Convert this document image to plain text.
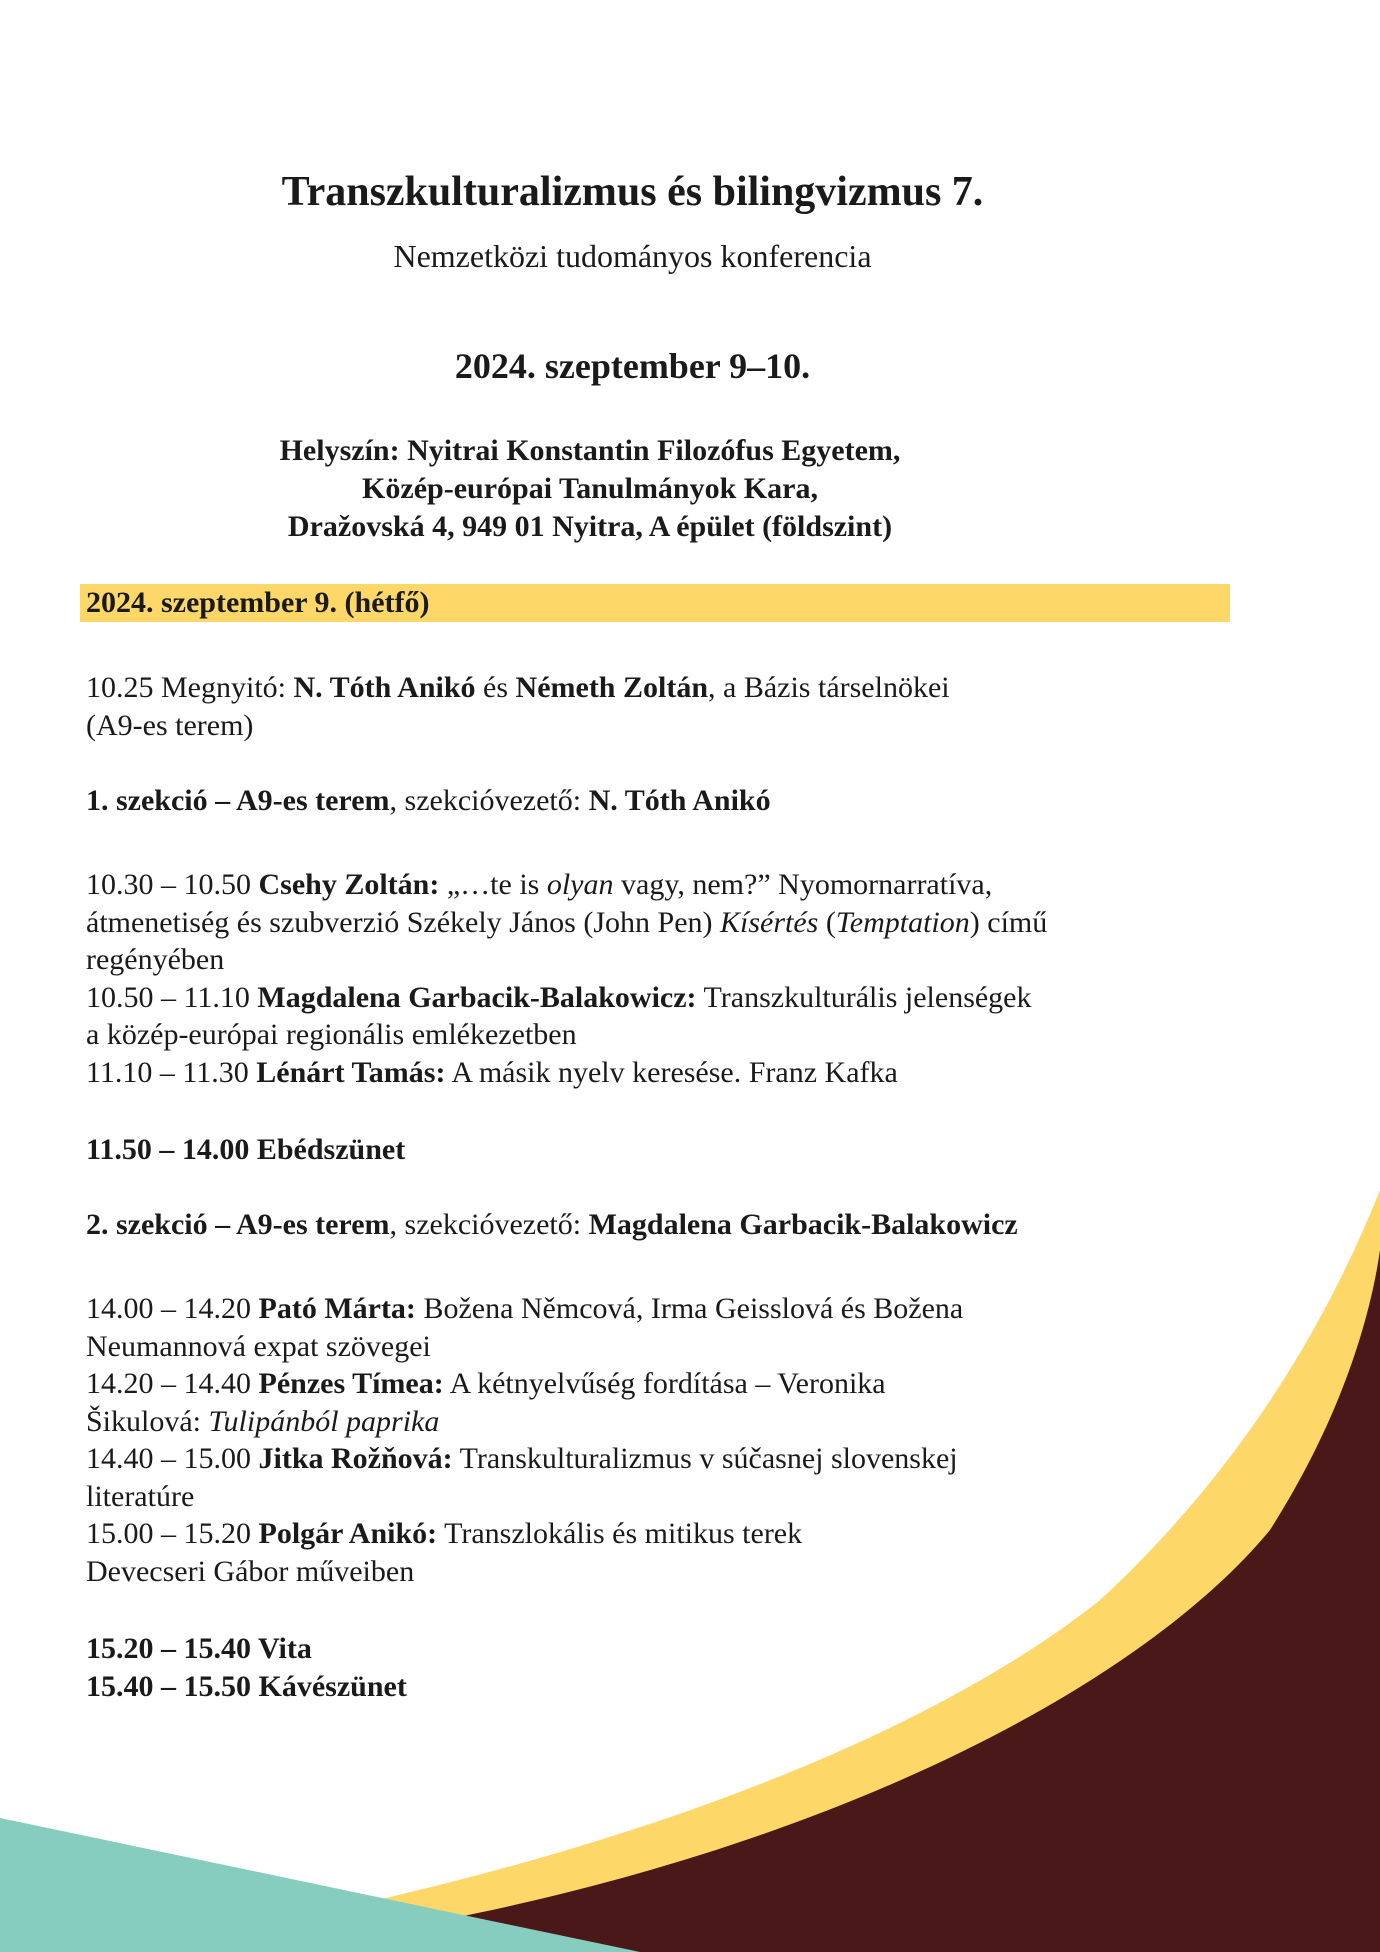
Transzkulturalizmus és bilingvizmus 7.
Nemzetközi tudományos konferencia
2024. szeptember 9–10.
Helyszín: Nyitrai Konstantin Filozófus Egyetem,
Közép-európai Tanulmányok Kara,
Dražovská 4, 949 01 Nyitra, A épület (földszint)
2024. szeptember 9. (hétfő)
10.25 Megnyitó: N. Tóth Anikó és Németh Zoltán, a Bázis társelnökei
(A9-es terem)
1. szekció – A9-es terem, szekcióvezető: N. Tóth Anikó
10.30 – 10.50 Csehy Zoltán: „…te is olyan vagy, nem?” Nyomornarratíva,
átmenetiség és szubverzió Székely János (John Pen) Kísértés (Temptation) című
regényében
10.50 – 11.10 Magdalena Garbacik-Balakowicz: Transzkulturális jelenségek
a közép-európai regionális emlékezetben
11.10 – 11.30 Lénárt Tamás: A másik nyelv keresése. Franz Kafka
11.50 – 14.00 Ebédszünet
2. szekció – A9-es terem, szekcióvezető: Magdalena Garbacik-Balakowicz
14.00 – 14.20 Pató Márta: Božena Němcová, Irma Geisslová és Božena
Neumannová expat szövegei
14.20 – 14.40 Pénzes Tímea: A kétnyelvűség fordítása – Veronika
Šikulová: Tulipánból paprika
14.40 – 15.00 Jitka Rožňová: Transkulturalizmus v súčasnej slovenskej
literatúre
15.00 – 15.20 Polgár Anikó: Transzlokális és mitikus terek
Devecseri Gábor műveiben
15.20 – 15.40 Vita
15.40 – 15.50 Kávészünet
